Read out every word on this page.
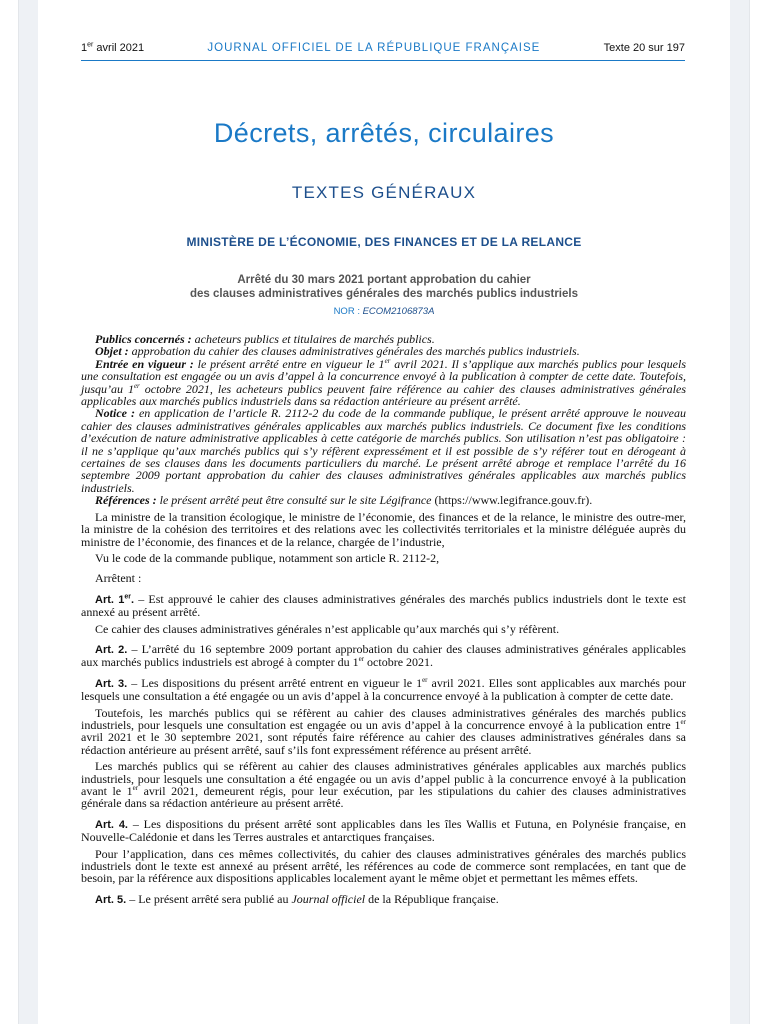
1er avril 2021	JOURNAL OFFICIEL DE LA RÉPUBLIQUE FRANÇAISE	Texte 20 sur 197
Décrets, arrêtés, circulaires
TEXTES GÉNÉRAUX
MINISTÈRE DE L’ÉCONOMIE, DES FINANCES ET DE LA RELANCE
Arrêté du 30 mars 2021 portant approbation du cahier
des clauses administratives générales des marchés publics industriels
NOR : ECOM2106873A

Publics concernés : acheteurs publics et titulaires de marchés publics.

Objet : approbation du cahier des clauses administratives générales des marchés publics industriels.

Entrée en vigueur : le présent arrêté entre en vigueur le 1er avril 2021. Il s’applique aux marchés publics pour lesquels une consultation est engagée ou un avis d’appel à la concurrence envoyé à la publication à compter de cette date. Toutefois, jusqu’au 1er octobre 2021, les acheteurs publics peuvent faire référence au cahier des clauses administratives générales applicables aux marchés publics industriels dans sa rédaction antérieure au présent arrêté.

Notice : en application de l’article R. 2112-2 du code de la commande publique, le présent arrêté approuve le nouveau cahier des clauses administratives générales applicables aux marchés publics industriels. Ce document fixe les conditions d’exécution de nature administrative applicables à cette catégorie de marchés publics. Son utilisation n’est pas obligatoire : il ne s’applique qu’aux marchés publics qui s’y réfèrent expressément et il est possible de s’y référer tout en dérogeant à certaines de ses clauses dans les documents particuliers du marché. Le présent arrêté abroge et remplace l’arrêté du 16 septembre 2009 portant approbation du cahier des clauses administratives générales applicables aux marchés publics industriels.

Références : le présent arrêté peut être consulté sur le site Légifrance (https://www.legifrance.gouv.fr).

La ministre de la transition écologique, le ministre de l’économie, des finances et de la relance, le ministre des outre-mer, la ministre de la cohésion des territoires et des relations avec les collectivités territoriales et la ministre déléguée auprès du ministre de l’économie, des finances et de la relance, chargée de l’industrie,

Vu le code de la commande publique, notamment son article R. 2112-2,

Arrêtent :

Art. 1er. – Est approuvé le cahier des clauses administratives générales des marchés publics industriels dont le texte est annexé au présent arrêté.

Ce cahier des clauses administratives générales n’est applicable qu’aux marchés qui s’y réfèrent.

Art. 2. – L’arrêté du 16 septembre 2009 portant approbation du cahier des clauses administratives générales applicables aux marchés publics industriels est abrogé à compter du 1er octobre 2021.

Art. 3. – Les dispositions du présent arrêté entrent en vigueur le 1er avril 2021. Elles sont applicables aux marchés pour lesquels une consultation a été engagée ou un avis d’appel à la concurrence envoyé à la publication à compter de cette date.

Toutefois, les marchés publics qui se réfèrent au cahier des clauses administratives générales des marchés publics industriels, pour lesquels une consultation est engagée ou un avis d’appel à la concurrence envoyé à la publication entre 1er avril 2021 et le 30 septembre 2021, sont réputés faire référence au cahier des clauses administratives générales dans sa rédaction antérieure au présent arrêté, sauf s’ils font expressément référence au présent arrêté.

Les marchés publics qui se réfèrent au cahier des clauses administratives générales applicables aux marchés publics industriels, pour lesquels une consultation a été engagée ou un avis d’appel public à la concurrence envoyé à la publication avant le 1er avril 2021, demeurent régis, pour leur exécution, par les stipulations du cahier des clauses administratives générale dans sa rédaction antérieure au présent arrêté.

Art. 4. – Les dispositions du présent arrêté sont applicables dans les îles Wallis et Futuna, en Polynésie française, en Nouvelle-Calédonie et dans les Terres australes et antarctiques françaises.

Pour l’application, dans ces mêmes collectivités, du cahier des clauses administratives générales des marchés publics industriels dont le texte est annexé au présent arrêté, les références au code de commerce sont remplacées, en tant que de besoin, par la référence aux dispositions applicables localement ayant le même objet et permettant les mêmes effets.

Art. 5. – Le présent arrêté sera publié au Journal officiel de la République française.
